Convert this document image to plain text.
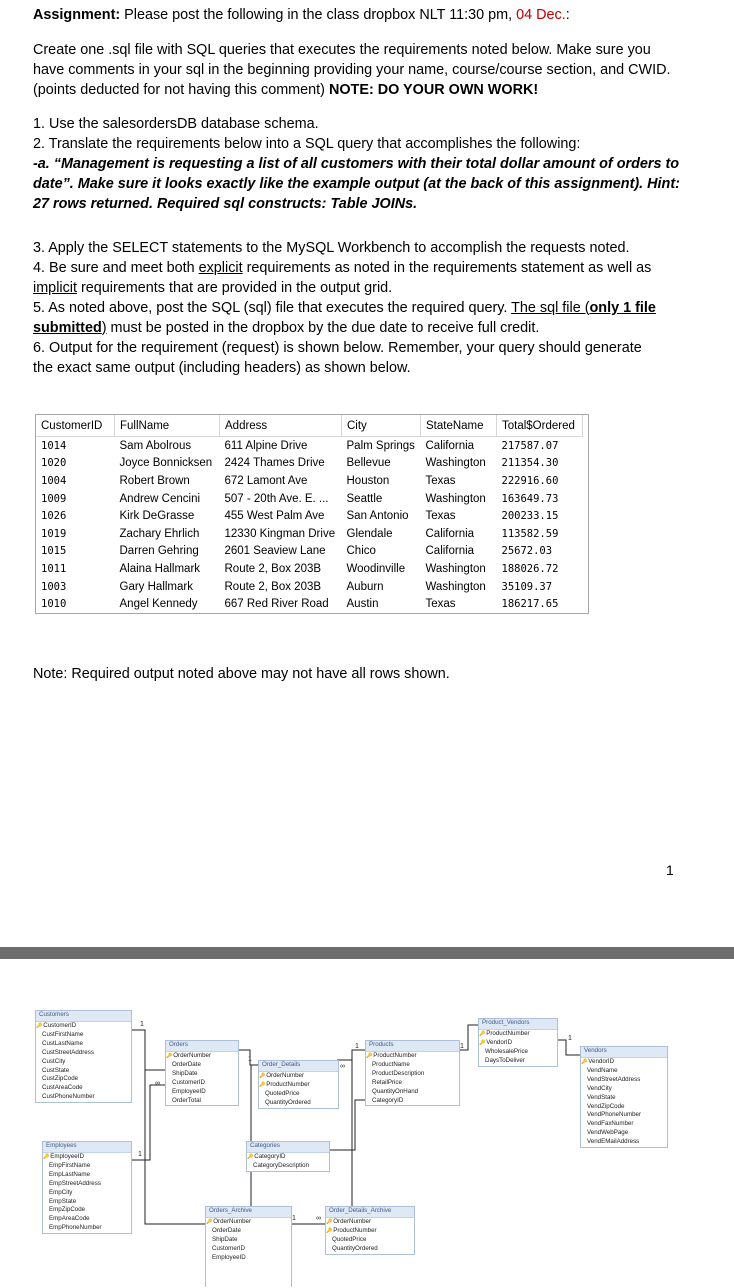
Assignment: Please post the following in the class dropbox NLT 11:30 pm, 04 Dec.:

Create one .sql file with SQL queries that executes the requirements noted below. Make sure you have comments in your sql in the beginning providing your name, course/course section, and CWID. (points deducted for not having this comment) NOTE: DO YOUR OWN WORK!

1. Use the salesordersDB database schema.

2. Translate the requirements below into a SQL query that accomplishes the following:

-a. “Management is requesting a list of all customers with their total dollar amount of orders to date”. Make sure it looks exactly like the example output (at the back of this assignment). Hint: 27 rows returned. Required sql constructs: Table JOINs.

3. Apply the SELECT statements to the MySQL Workbench to accomplish the requests noted.

4. Be sure and meet both explicit requirements as noted in the requirements statement as well as implicit requirements that are provided in the output grid.

5. As noted above, post the SQL (sql) file that executes the required query. The sql file (only 1 file submitted) must be posted in the dropbox by the due date to receive full credit.

6. Output for the requirement (request) is shown below. Remember, your query should generate the exact same output (including headers) as shown below.

CustomerID	FullName	Address	City	StateName	Total$Ordered
1014	Sam Abolrous	611 Alpine Drive	Palm Springs	California	217587.07
1020	Joyce Bonnicksen	2424 Thames Drive	Bellevue	Washington	211354.30
1004	Robert Brown	672 Lamont Ave	Houston	Texas	222916.60
1009	Andrew Cencini	507 - 20th Ave. E. ...	Seattle	Washington	163649.73
1026	Kirk DeGrasse	455 West Palm Ave	San Antonio	Texas	200233.15
1019	Zachary Ehrlich	12330 Kingman Drive	Glendale	California	113582.59
1015	Darren Gehring	2601 Seaview Lane	Chico	California	25672.03
1011	Alaina Hallmark	Route 2, Box 203B	Woodinville	Washington	188026.72
1003	Gary Hallmark	Route 2, Box 203B	Auburn	Washington	35109.37
1010	Angel Kennedy	667 Red River Road	Austin	Texas	186217.65

Note: Required output noted above may not have all rows shown.

1
1
∞
1
1
∞
1	1
1
1	∞
Customers
🔑 CustomerID
CustFirstName
CustLastName
CustStreetAddress
CustCity
CustState
CustZipCode
CustAreaCode
CustPhoneNumber
Orders
🔑 OrderNumber
OrderDate
ShipDate
CustomerID
EmployeeID
OrderTotal
Order_Details
🔑 OrderNumber
🔑 ProductNumber
QuotedPrice
QuantityOrdered
Products
🔑 ProductNumber
ProductName
ProductDescription
RetailPrice
QuantityOnHand
CategoryID
Product_Vendors
🔑 ProductNumber
🔑 VendorID
WholesalePrice
DaysToDeliver
Vendors
🔑 VendorID
VendName
VendStreetAddress
VendCity
VendState
VendZipCode
VendPhoneNumber
VendFaxNumber
VendWebPage
VendEMailAddress
Employees
🔑 EmployeeID
EmpFirstName
EmpLastName
EmpStreetAddress
EmpCity
EmpState
EmpZipCode
EmpAreaCode
EmpPhoneNumber
Categories
🔑 CategoryID
CategoryDescription
Orders_Archive
🔑 OrderNumber
OrderDate
ShipDate
CustomerID
EmployeeID
Order_Details_Archive
🔑 OrderNumber
🔑 ProductNumber
QuotedPrice
QuantityOrdered
